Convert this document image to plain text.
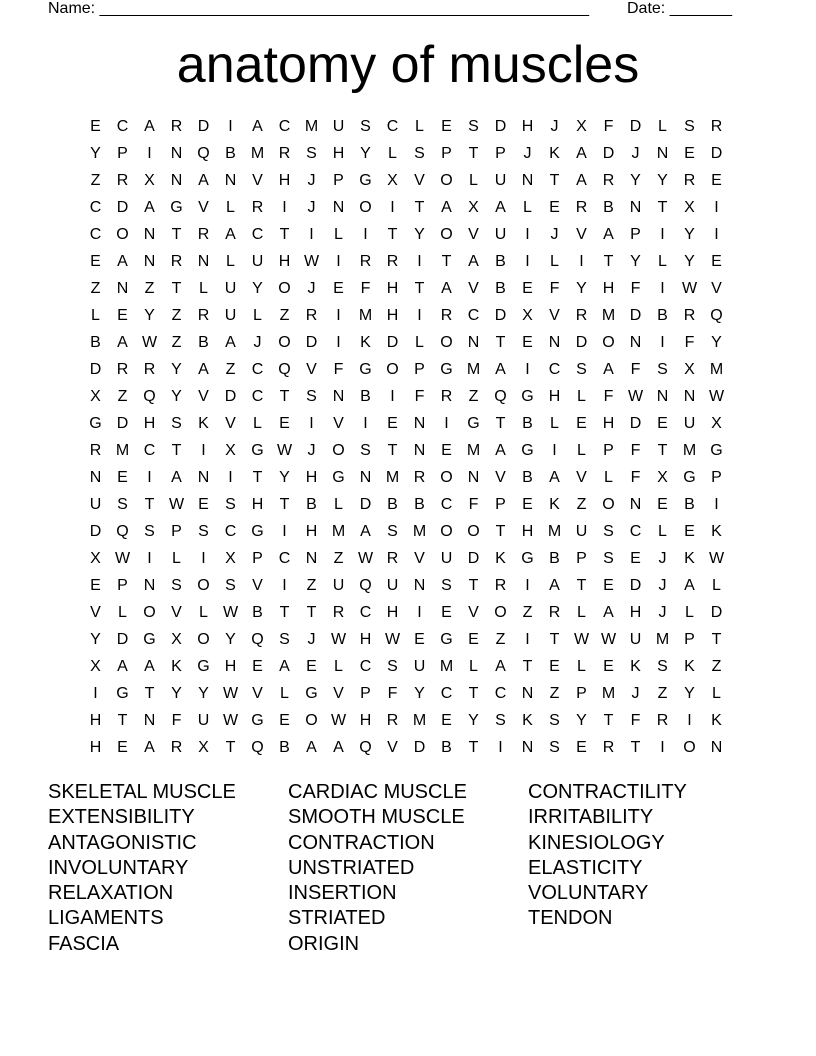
Name: _______________________________________________________ Date: _______
anatomy of muscles
E C A R D	I	A C M U S C	L	E	S D H	J	X	F	D	L	S R
Y	P	I	N Q B M R S H Y	L	S	P	T	P	J	K	A D	J	N E D
Z	R X N A N V H	J	P G X	V O	L	U N	T	A R Y	Y R E
C D A G V	L	R	I	J	N O	I	T	A	X	A	L	E R B N	T	X	I
C O N	T	R A C	T	I	L	I	T	Y O V U	I	J	V	A	P	I	Y	I
E	A N R N	L	U H W	I	R R	I	T	A	B	I	L	I	T	Y	L	Y	E
Z	N	Z	T	L	U Y O	J	E	F	H	T	A	V	B	E	F	Y H	F	I	W V
L	E	Y	Z	R U	L	Z	R	I	M H	I	R C D X	V R M D B R Q
B	A W Z	B	A	J	O D	I	K D	L	O N	T	E N D O N	I	F	Y
D R R Y	A	Z	C Q V	F G O P G M A	I	C S	A	F	S	X M
X	Z Q Y	V D C	T	S N B	I	F	R	Z Q G H	L	F W N N W
G D H S	K	V	L	E	I	V	I	E N	I	G T	B	L	E H D E U X
R M C	T	I	X G W J	O S	T	N E M A G	I	L	P	F	T M G
N E	I	A N	I	T	Y H G N M R O N V	B	A	V	L	F	X G P
U S	T W E	S H	T	B	L	D B	B C	F	P	E	K	Z O N E	B	I
D Q S	P	S C G	I	H M A	S M O O T	H M U S C	L	E	K
X W	I	L	I	X	P C N	Z W R V U D K G B	P	S	E	J	K W
E	P N S O S	V	I	Z	U Q U N S	T	R	I	A	T	E D	J	A	L
V	L	O V	L W B	T	T	R C H	I	E	V O Z	R	L	A H	J	L	D
Y D G X O Y Q S	J W H W E G E	Z	I	T W W U M P	T
X	A	A	K G H E	A	E	L	C S U M L	A	T	E	L	E	K	S	K	Z
I	G T	Y	Y W V	L	G V	P	F	Y C	T	C N	Z	P M	J	Z	Y	L
H	T	N	F	U W G E O W H R M E	Y	S	K	S	Y	T	F	R	I	K
H E	A R X	T Q B	A	A Q V D B	T	I	N S	E R	T	I	O N
SKELETAL MUSCLE
EXTENSIBILITY
ANTAGONISTIC
INVOLUNTARY
RELAXATION
LIGAMENTS
FASCIA
CARDIAC MUSCLE
SMOOTH MUSCLE
CONTRACTION
UNSTRIATED
INSERTION
STRIATED
ORIGIN
CONTRACTILITY
IRRITABILITY
KINESIOLOGY
ELASTICITY
VOLUNTARY
TENDON
